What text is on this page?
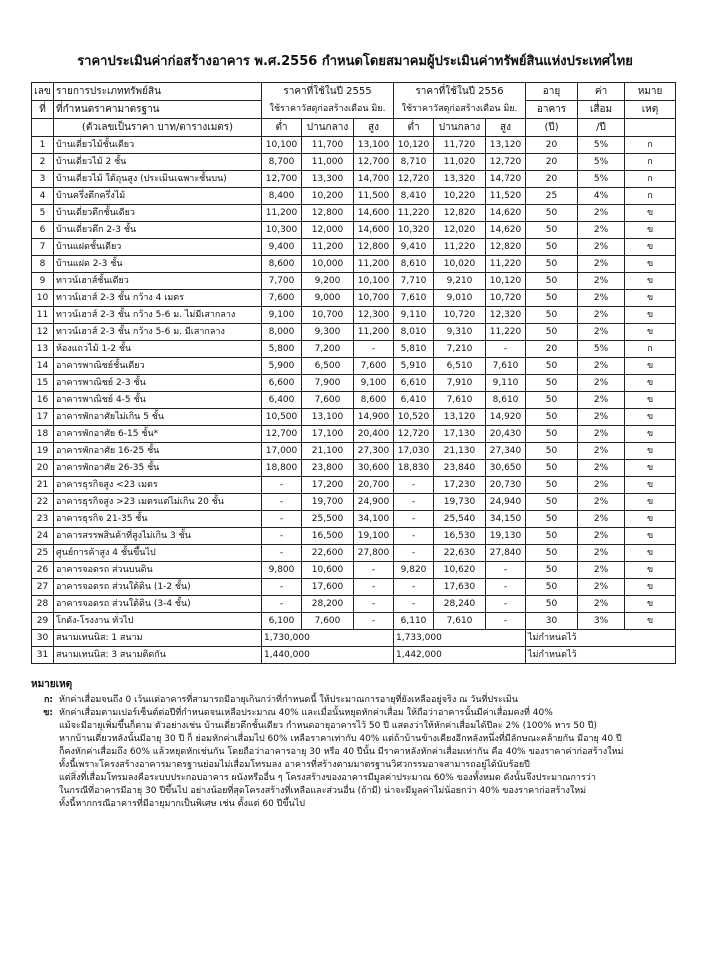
ราคาประเมินค่าก่อสร้างอาคาร พ.ศ.2556 กำหนดโดยสมาคมผู้ประเมินค่าทรัพย์สินแห่งประเทศไทย
เลข	รายการประเภททรัพย์สิน	ราคาที่ใช้ในปี 2555			ราคาที่ใช้ในปี 2556			อายุ	ค่า	หมาย
ที่	ที่กำหนดราคามาตรฐาน	ใช้ราคาวัสดุก่อสร้างเดือน มิย.			ใช้ราคาวัสดุก่อสร้างเดือน มิย.			อาคาร	เสื่อม	เหตุ
	(ตัวเลขเป็นราคา บาท/ตารางเมตร)	ต่ำ	ปานกลาง	สูง	ต่ำ	ปานกลาง	สูง	(ปี)	/ปี	
1	บ้านเดี่ยวไม้ชั้นเดียว	10,100	11,700	13,100	10,120	11,720	13,120	20	5%	ก
2	บ้านเดี่ยวไม้ 2 ชั้น	8,700	11,000	12,700	8,710	11,020	12,720	20	5%	ก
3	บ้านเดี่ยวไม้ ใต้ถุนสูง (ประเมินเฉพาะชั้นบน)	12,700	13,300	14,700	12,720	13,320	14,720	20	5%	ก
4	บ้านครึ่งตึกครึ่งไม้	8,400	10,200	11,500	8,410	10,220	11,520	25	4%	ก
5	บ้านเดี่ยวตึกชั้นเดียว	11,200	12,800	14,600	11,220	12,820	14,620	50	2%	ข
6	บ้านเดี่ยวตึก 2-3 ชั้น	10,300	12,000	14,600	10,320	12,020	14,620	50	2%	ข
7	บ้านแฝดชั้นเดียว	9,400	11,200	12,800	9,410	11,220	12,820	50	2%	ข
8	บ้านแฝด 2-3 ชั้น	8,600	10,000	11,200	8,610	10,020	11,220	50	2%	ข
9	ทาวน์เฮาส์ชั้นเดียว	7,700	9,200	10,100	7,710	9,210	10,120	50	2%	ข
10	ทาวน์เฮาส์ 2-3 ชั้น กว้าง 4 เมตร	7,600	9,000	10,700	7,610	9,010	10,720	50	2%	ข
11	ทาวน์เฮาส์ 2-3 ชั้น กว้าง 5-6 ม. ไม่มีเสากลาง	9,100	10,700	12,300	9,110	10,720	12,320	50	2%	ข
12	ทาวน์เฮาส์ 2-3 ชั้น กว้าง 5-6 ม. มีเสากลาง	8,000	9,300	11,200	8,010	9,310	11,220	50	2%	ข
13	ห้องแถวไม้ 1-2 ชั้น	5,800	7,200	-	5,810	7,210	-	20	5%	ก
14	อาคารพาณิชย์ชั้นเดียว	5,900	6,500	7,600	5,910	6,510	7,610	50	2%	ข
15	อาคารพาณิชย์ 2-3 ชั้น	6,600	7,900	9,100	6,610	7,910	9,110	50	2%	ข
16	อาคารพาณิชย์ 4-5 ชั้น	6,400	7,600	8,600	6,410	7,610	8,610	50	2%	ข
17	อาคารพักอาศัยไม่เกิน 5 ชั้น	10,500	13,100	14,900	10,520	13,120	14,920	50	2%	ข
18	อาคารพักอาศัย 6-15 ชั้น*	12,700	17,100	20,400	12,720	17,130	20,430	50	2%	ข
19	อาคารพักอาศัย 16-25 ชั้น	17,000	21,100	27,300	17,030	21,130	27,340	50	2%	ข
20	อาคารพักอาศัย 26-35 ชั้น	18,800	23,800	30,600	18,830	23,840	30,650	50	2%	ข
21	อาคารธุรกิจสูง <23 เมตร	-	17,200	20,700	-	17,230	20,730	50	2%	ข
22	อาคารธุรกิจสูง >23 เมตรแต่ไม่เกิน 20 ชั้น	-	19,700	24,900	-	19,730	24,940	50	2%	ข
23	อาคารธุรกิจ 21-35 ชั้น	-	25,500	34,100	-	25,540	34,150	50	2%	ข
24	อาคารสรรพสินค้าที่สูงไม่เกิน 3 ชั้น	-	16,500	19,100	-	16,530	19,130	50	2%	ข
25	ศูนย์การค้าสูง 4 ชั้นขึ้นไป	-	22,600	27,800	-	22,630	27,840	50	2%	ข
26	อาคารจอดรถ ส่วนบนดิน	9,800	10,600	-	9,820	10,620	-	50	2%	ข
27	อาคารจอดรถ ส่วนใต้ดิน (1-2 ชั้น)	-	17,600	-	-	17,630	-	50	2%	ข
28	อาคารจอดรถ ส่วนใต้ดิน (3-4 ชั้น)	-	28,200	-	-	28,240	-	50	2%	ข
29	โกดัง-โรงงาน ทั่วไป	6,100	7,600	-	6,110	7,610	-	30	3%	ข
30	สนามเทนนิส: 1 สนาม	1,730,000			1,733,000			ไม่กำหนดไว้		
31	สนามเทนนิส: 3 สนามติดกัน	1,440,000			1,442,000			ไม่กำหนดไว้		
หมายเหตุ
ก: หักค่าเสื่อมจนถึง 0 เว้นแต่อาคารที่สามารถมีอายุเกินกว่าที่กำหนดนี้ ให้ประมาณการอายุที่ยังเหลืออยู่จริง ณ วันที่ประเมิน
ข: หักค่าเสื่อมตามเปอร์เซ็นต์ต่อปีที่กำหนดจนเหลือประมาณ 40% และเมื่อนั้นหยุดหักค่าเสื่อม ให้ถือว่าอาคารนั้นมีค่าเสื่อมคงที่ 40%
แม้จะมีอายุเพิ่มขึ้นก็ตาม ตัวอย่างเช่น บ้านเดี่ยวตึกชั้นเดียว กำหนดอายุอาคารไว้ 50 ปี แสดงว่าให้หักค่าเสื่อมได้ปีละ 2% (100% หาร 50 ปี)
หากบ้านเดี่ยวหลังนั้นมีอายุ 30 ปี ก็ ย่อมหักค่าเสื่อมไป 60% เหลือราคาเท่ากับ 40% แต่ถ้าบ้านข้างเคียงอีกหลังหนึ่งที่มีลักษณะคล้ายกัน มีอายุ 40 ปี
ก็คงหักค่าเสื่อมถึง 60% แล้วหยุดหักเช่นกัน โดยถือว่าอาคารอายุ 30 หรือ 40 ปีนั้น มีราคาหลังหักค่าเสื่อมเท่ากัน คือ 40% ของราคาค่าก่อสร้างใหม่
ทั้งนี้เพราะโครงสร้างอาคารมาตรฐานย่อมไม่เสื่อมโทรมลง อาคารที่สร้างตามมาตรฐานวิศวกรรมอาจสามารถอยู่ได้นับร้อยปี
แต่สิ่งที่เสื่อมโทรมลงคือระบบประกอบอาคาร ผนังหรืออื่น ๆ โครงสร้างของอาคารมีมูลค่าประมาณ 60% ของทั้งหมด ดังนั้นจึงประมาณการว่า
ในกรณีที่อาคารมีอายุ 30 ปีขึ้นไป อย่างน้อยที่สุดโครงสร้างที่เหลือและส่วนอื่น (ถ้ามี) น่าจะมีมูลค่าไม่น้อยกว่า 40% ของราคาก่อสร้างใหม่
ทั้งนี้หากกรณีอาคารที่มีอายุมากเป็นพิเศษ เช่น ตั้งแต่ 60 ปีขึ้นไป
